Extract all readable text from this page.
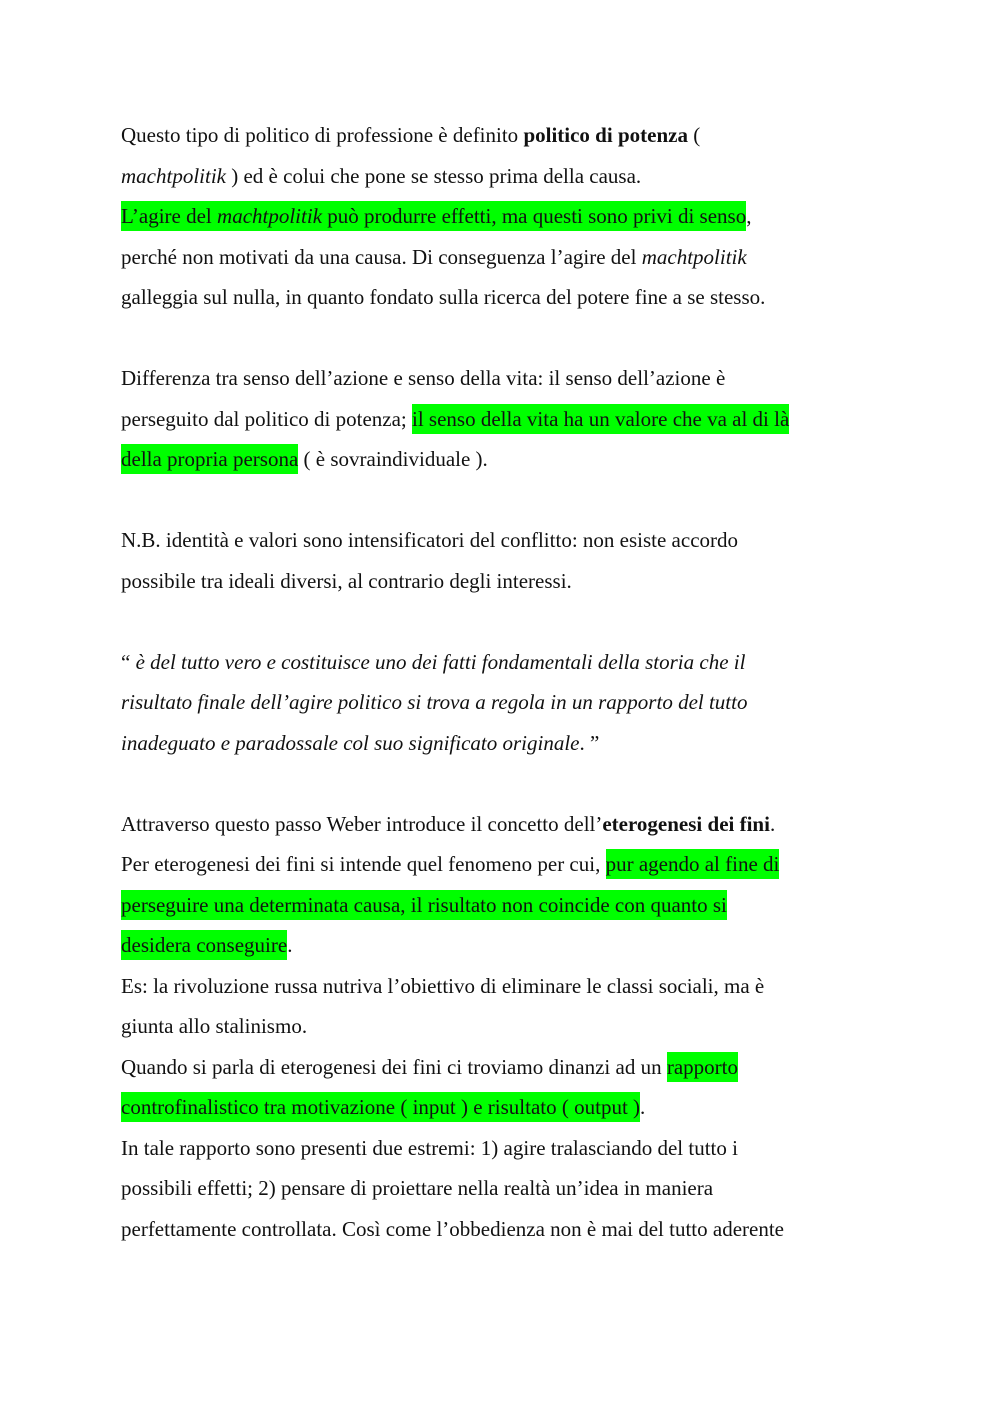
Questo tipo di politico di professione è definito politico di potenza (
machtpolitik ) ed è colui che pone se stesso prima della causa.
L’agire del machtpolitik può produrre effetti, ma questi sono privi di senso,
perché non motivati da una causa. Di conseguenza l’agire del machtpolitik
galleggia sul nulla, in quanto fondato sulla ricerca del potere fine a se stesso.
Differenza tra senso dell’azione e senso della vita: il senso dell’azione è
perseguito dal politico di potenza; il senso della vita ha un valore che va al di là
della propria persona ( è sovraindividuale ).
N.B. identità e valori sono intensificatori del conflitto: non esiste accordo
possibile tra ideali diversi, al contrario degli interessi.
“ è del tutto vero e costituisce uno dei fatti fondamentali della storia che il
risultato finale dell’agire politico si trova a regola in un rapporto del tutto
inadeguato e paradossale col suo significato originale. ”
Attraverso questo passo Weber introduce il concetto dell’eterogenesi dei fini.
Per eterogenesi dei fini si intende quel fenomeno per cui, pur agendo al fine di
perseguire una determinata causa, il risultato non coincide con quanto si
desidera conseguire.
Es: la rivoluzione russa nutriva l’obiettivo di eliminare le classi sociali, ma è
giunta allo stalinismo.
Quando si parla di eterogenesi dei fini ci troviamo dinanzi ad un rapporto
controfinalistico tra motivazione ( input ) e risultato ( output ).
In tale rapporto sono presenti due estremi: 1) agire tralasciando del tutto i
possibili effetti; 2) pensare di proiettare nella realtà un’idea in maniera
perfettamente controllata. Così come l’obbedienza non è mai del tutto aderente
